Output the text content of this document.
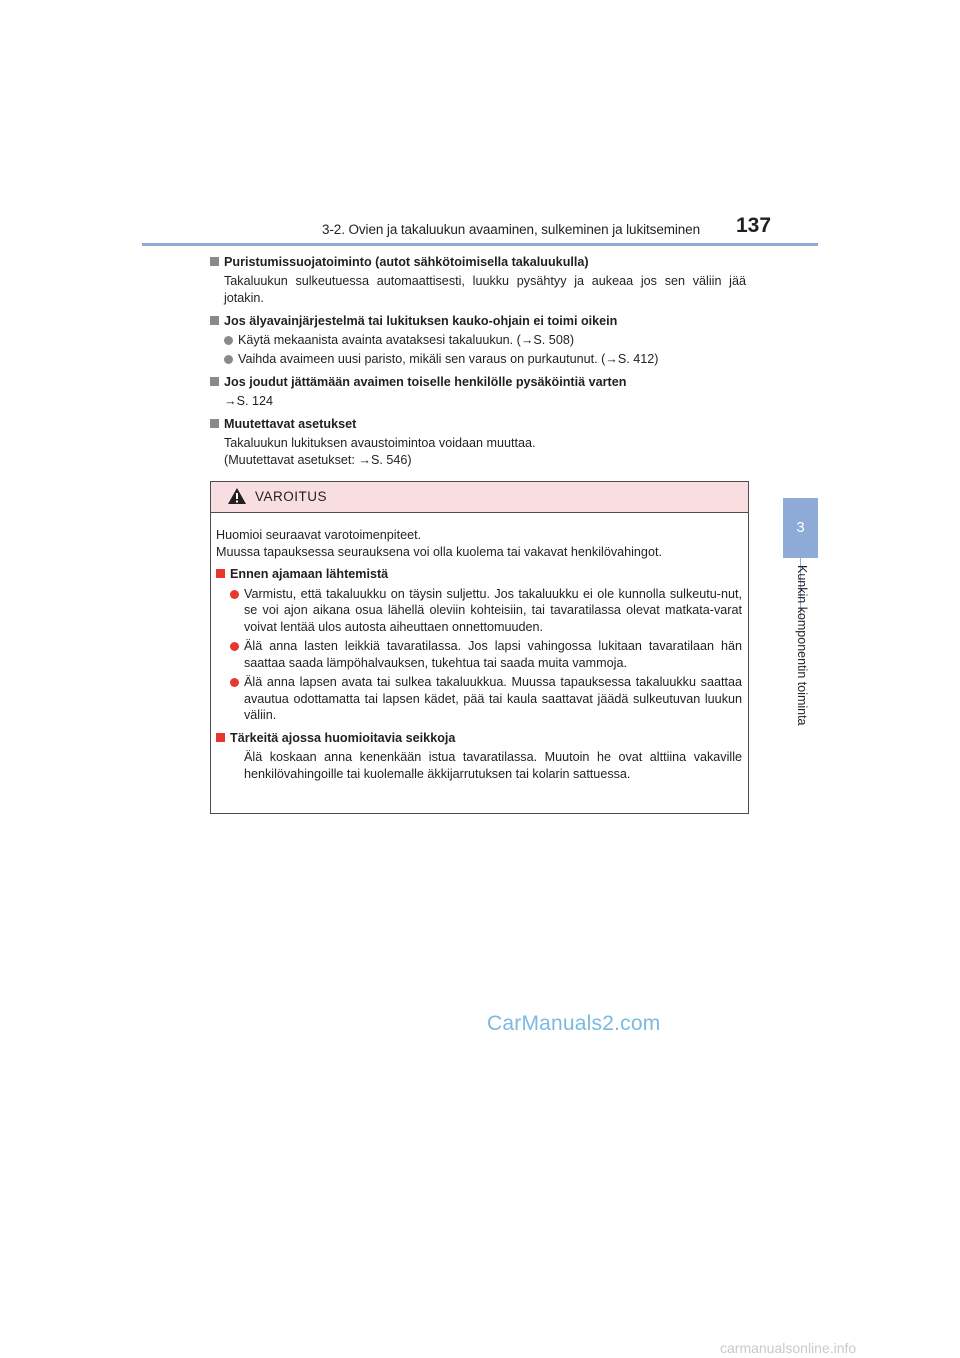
3-2. Ovien ja takaluukun avaaminen, sulkeminen ja lukitseminen 137
3
Kunkin komponentin toiminta
Puristumissuojatoiminto (autot sähkötoimisella takaluukulla)
Takaluukun sulkeutuessa automaattisesti, luukku pysähtyy ja aukeaa jos sen väliin jää jotakin.
Jos älyavainjärjestelmä tai lukituksen kauko-ohjain ei toimi oikein
Käytä mekaanista avainta avataksesi takaluukun. (→S. 508)
Vaihda avaimeen uusi paristo, mikäli sen varaus on purkautunut. (→S. 412)
Jos joudut jättämään avaimen toiselle henkilölle pysäköintiä varten
→S. 124
Muutettavat asetukset
Takaluukun lukituksen avaustoimintoa voidaan muuttaa.
(Muutettavat asetukset: →S. 546)
VAROITUS
Huomioi seuraavat varotoimenpiteet.
Muussa tapauksessa seurauksena voi olla kuolema tai vakavat henkilövahingot.
Ennen ajamaan lähtemistä
Varmistu, että takaluukku on täysin suljettu. Jos takaluukku ei ole kunnolla sulkeutu-nut, se voi ajon aikana osua lähellä oleviin kohteisiin, tai tavaratilassa olevat matkata-varat voivat lentää ulos autosta aiheuttaen onnettomuuden.
Älä anna lasten leikkiä tavaratilassa. Jos lapsi vahingossa lukitaan tavaratilaan hän saattaa saada lämpöhalvauksen, tukehtua tai saada muita vammoja.
Älä anna lapsen avata tai sulkea takaluukkua. Muussa tapauksessa takaluukku saattaa avautua odottamatta tai lapsen kädet, pää tai kaula saattavat jäädä sulkeutuvan luukun väliin.
Tärkeitä ajossa huomioitavia seikkoja
Älä koskaan anna kenenkään istua tavaratilassa. Muutoin he ovat alttiina vakaville henkilövahingoille tai kuolemalle äkkijarrutuksen tai kolarin sattuessa.
CarManuals2.com
carmanualsonline.info
